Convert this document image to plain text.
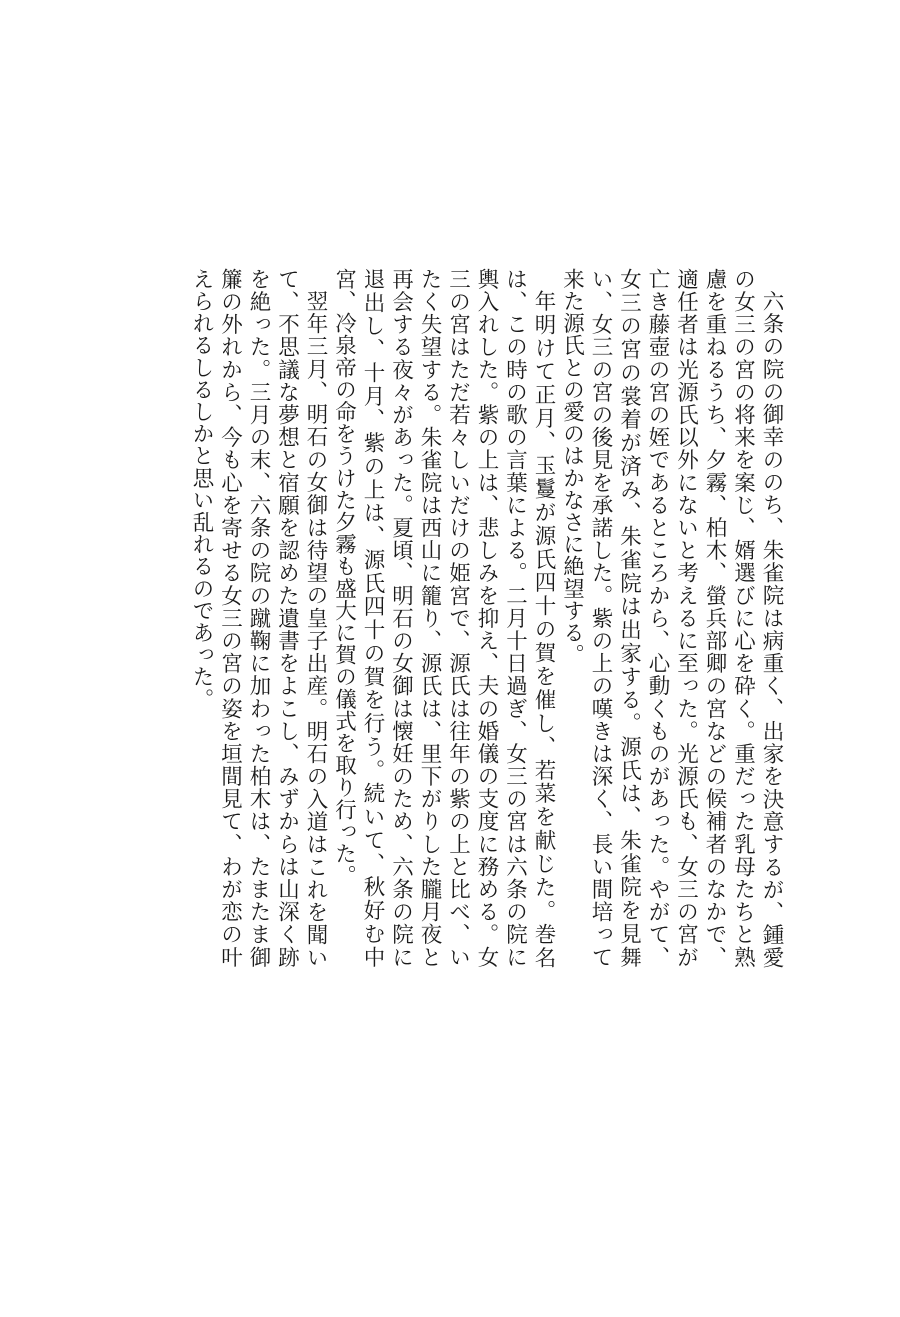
六条の院の御幸ののち、朱雀院は病重く、出家を決意するが、鍾愛の女三の宮の将来を案じ、婿選びに心を砕く。重だった乳母たちと熟慮を重ねるうち、夕霧、柏木、螢兵部卿の宮などの候補者のなかで、適任者は光源氏以外にないと考えるに至った。光源氏も、女三の宮が亡き藤壺の宮の姪であるところから、心動くものがあった。やがて、女三の宮の裳着が済み、朱雀院は出家する。源氏は、朱雀院を見舞い、女三の宮の後見を承諾した。紫の上の嘆きは深く、長い間培って来た源氏との愛のはかなさに絶望する。

年明けて正月、玉鬘が源氏四十の賀を催し、若菜を献じた。巻名は、この時の歌の言葉による。二月十日過ぎ、女三の宮は六条の院に輿入れした。紫の上は、悲しみを抑え、夫の婚儀の支度に務める。女三の宮はただ若々しいだけの姫宮で、源氏は往年の紫の上と比べ、いたく失望する。朱雀院は西山に籠り、源氏は、里下がりした朧月夜と再会する夜々があった。夏頃、明石の女御は懐妊のため、六条の院に退出し、十月、紫の上は、源氏四十の賀を行う。続いて、秋好む中宮、冷泉帝の命をうけた夕霧も盛大に賀の儀式を取り行った。

翌年三月、明石の女御は待望の皇子出産。明石の入道はこれを聞いて、不思議な夢想と宿願を認めた遺書をよこし、みずからは山深く跡を絶った。三月の末、六条の院の蹴鞠に加わった柏木は、たまたま御簾の外れから、今も心を寄せる女三の宮の姿を垣間見て、わが恋の叶えられるしるしかと思い乱れるのであった。
